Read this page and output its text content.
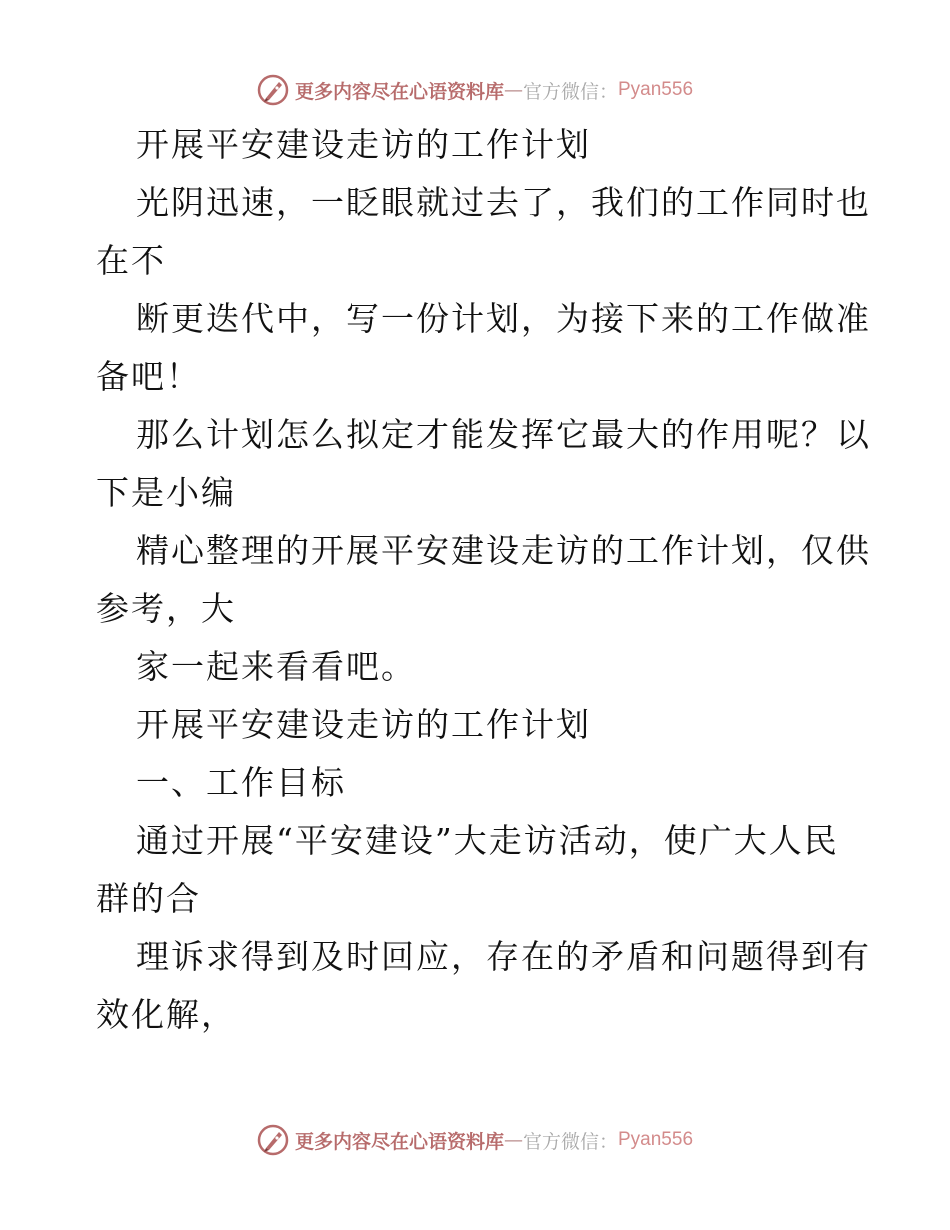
更多内容尽在心语资料库 — 官方微信： Pyan556
开展平安建设走访的工作计划
光阴迅速，一眨眼就过去了，我们的工作同时也
在不
断更迭代中，写一份计划，为接下来的工作做准
备吧！
那么计划怎么拟定才能发挥它最大的作用呢？以
下是小编
精心整理的开展平安建设走访的工作计划，仅供
参考，大
家一起来看看吧。
开展平安建设走访的工作计划
一、工作目标
通过开展“平安建设”大走访活动，使广大人民
群的合
理诉求得到及时回应，存在的矛盾和问题得到有
效化解，
更多内容尽在心语资料库 — 官方微信： Pyan556
